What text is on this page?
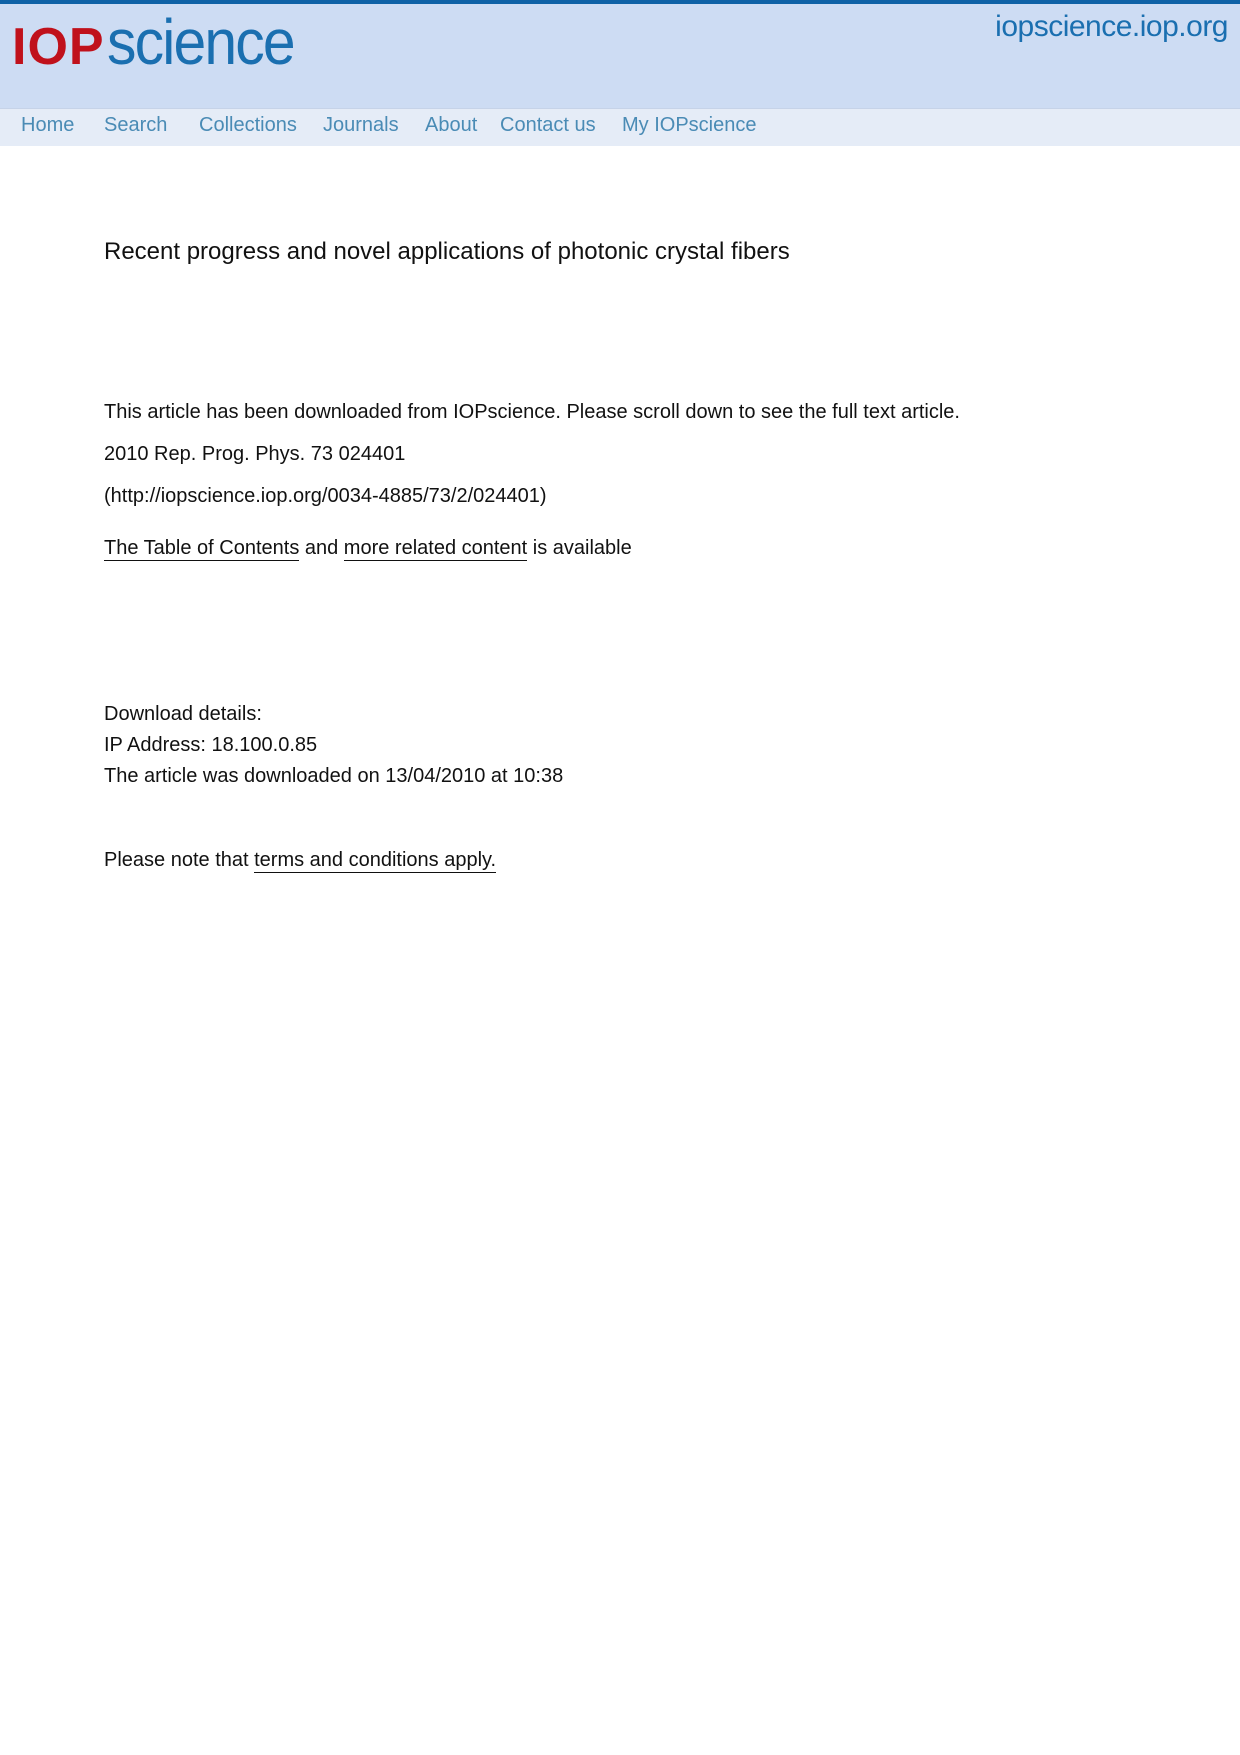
IOP science	iopscience.iop.org
Home Search Collections Journals About Contact us My IOPscience
Recent progress and novel applications of photonic crystal fibers
This article has been downloaded from IOPscience. Please scroll down to see the full text article.
2010 Rep. Prog. Phys. 73 024401
(http://iopscience.iop.org/0034-4885/73/2/024401)
The Table of Contents and more related content is available
Download details:
IP Address: 18.100.0.85
The article was downloaded on 13/04/2010 at 10:38
Please note that terms and conditions apply.
